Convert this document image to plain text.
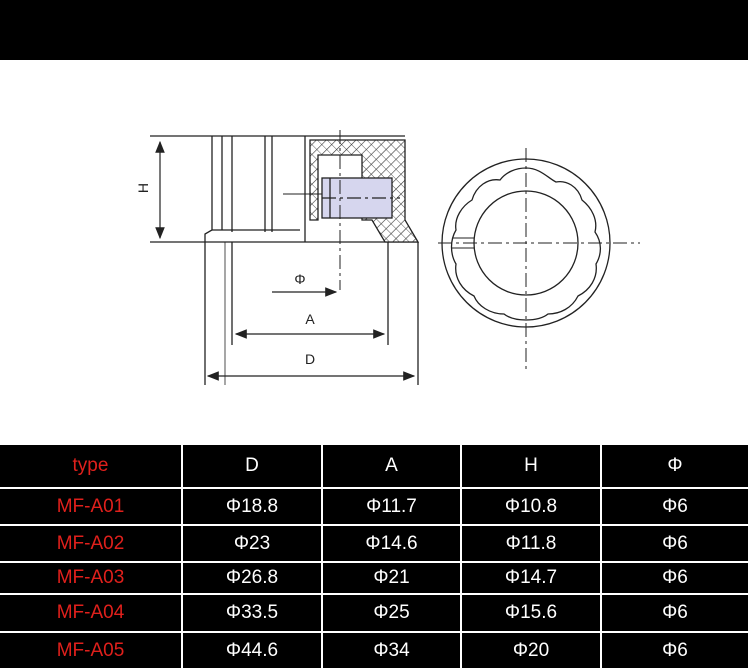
H
Φ
A
D
type	D	A	H	Φ
MF-A01	Φ18.8	Φ11.7	Φ10.8	Φ6
MF-A02	Φ23	Φ14.6	Φ11.8	Φ6
MF-A03	Φ26.8	Φ21	Φ14.7	Φ6
MF-A04	Φ33.5	Φ25	Φ15.6	Φ6
MF-A05	Φ44.6	Φ34	Φ20	Φ6
